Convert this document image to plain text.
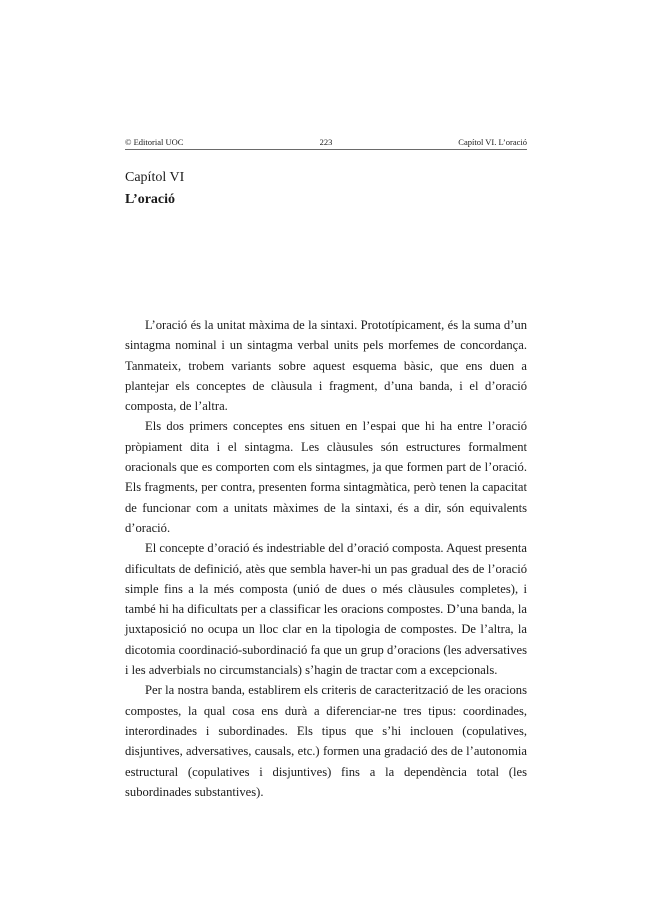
© Editorial UOC	223	Capítol VI. L’oració
Capítol VI
L’oració

L’oració és la unitat màxima de la sintaxi. Prototípicament, és la suma d’un sintagma nominal i un sintagma verbal units pels morfemes de concordança. Tanmateix, trobem variants sobre aquest esquema bàsic, que ens duen a plantejar els conceptes de clàusula i fragment, d’una banda, i el d’oració composta, de l’altra.

Els dos primers conceptes ens situen en l’espai que hi ha entre l’oració pròpiament dita i el sintagma. Les clàusules són estructures formalment oracionals que es comporten com els sintagmes, ja que formen part de l’oració. Els fragments, per contra, presenten forma sintagmàtica, però tenen la capacitat de funcionar com a unitats màximes de la sintaxi, és a dir, són equivalents d’oració.

El concepte d’oració és indestriable del d’oració composta. Aquest presenta dificultats de definició, atès que sembla haver-hi un pas gradual des de l’oració simple fins a la més composta (unió de dues o més clàusules completes), i també hi ha dificultats per a classificar les oracions compostes. D’una banda, la juxtaposició no ocupa un lloc clar en la tipologia de compostes. De l’altra, la dicotomia coordinació-subordinació fa que un grup d’oracions (les adversatives i les adverbials no circumstancials) s’hagin de tractar com a excepcionals.

Per la nostra banda, establirem els criteris de caracterització de les oracions compostes, la qual cosa ens durà a diferenciar-ne tres tipus: coordinades, interordinades i subordinades. Els tipus que s’hi inclouen (copulatives, disjuntives, adversatives, causals, etc.) formen una gradació des de l’autonomia estructural (copulatives i disjuntives) fins a la dependència total (les subordinades substantives).
